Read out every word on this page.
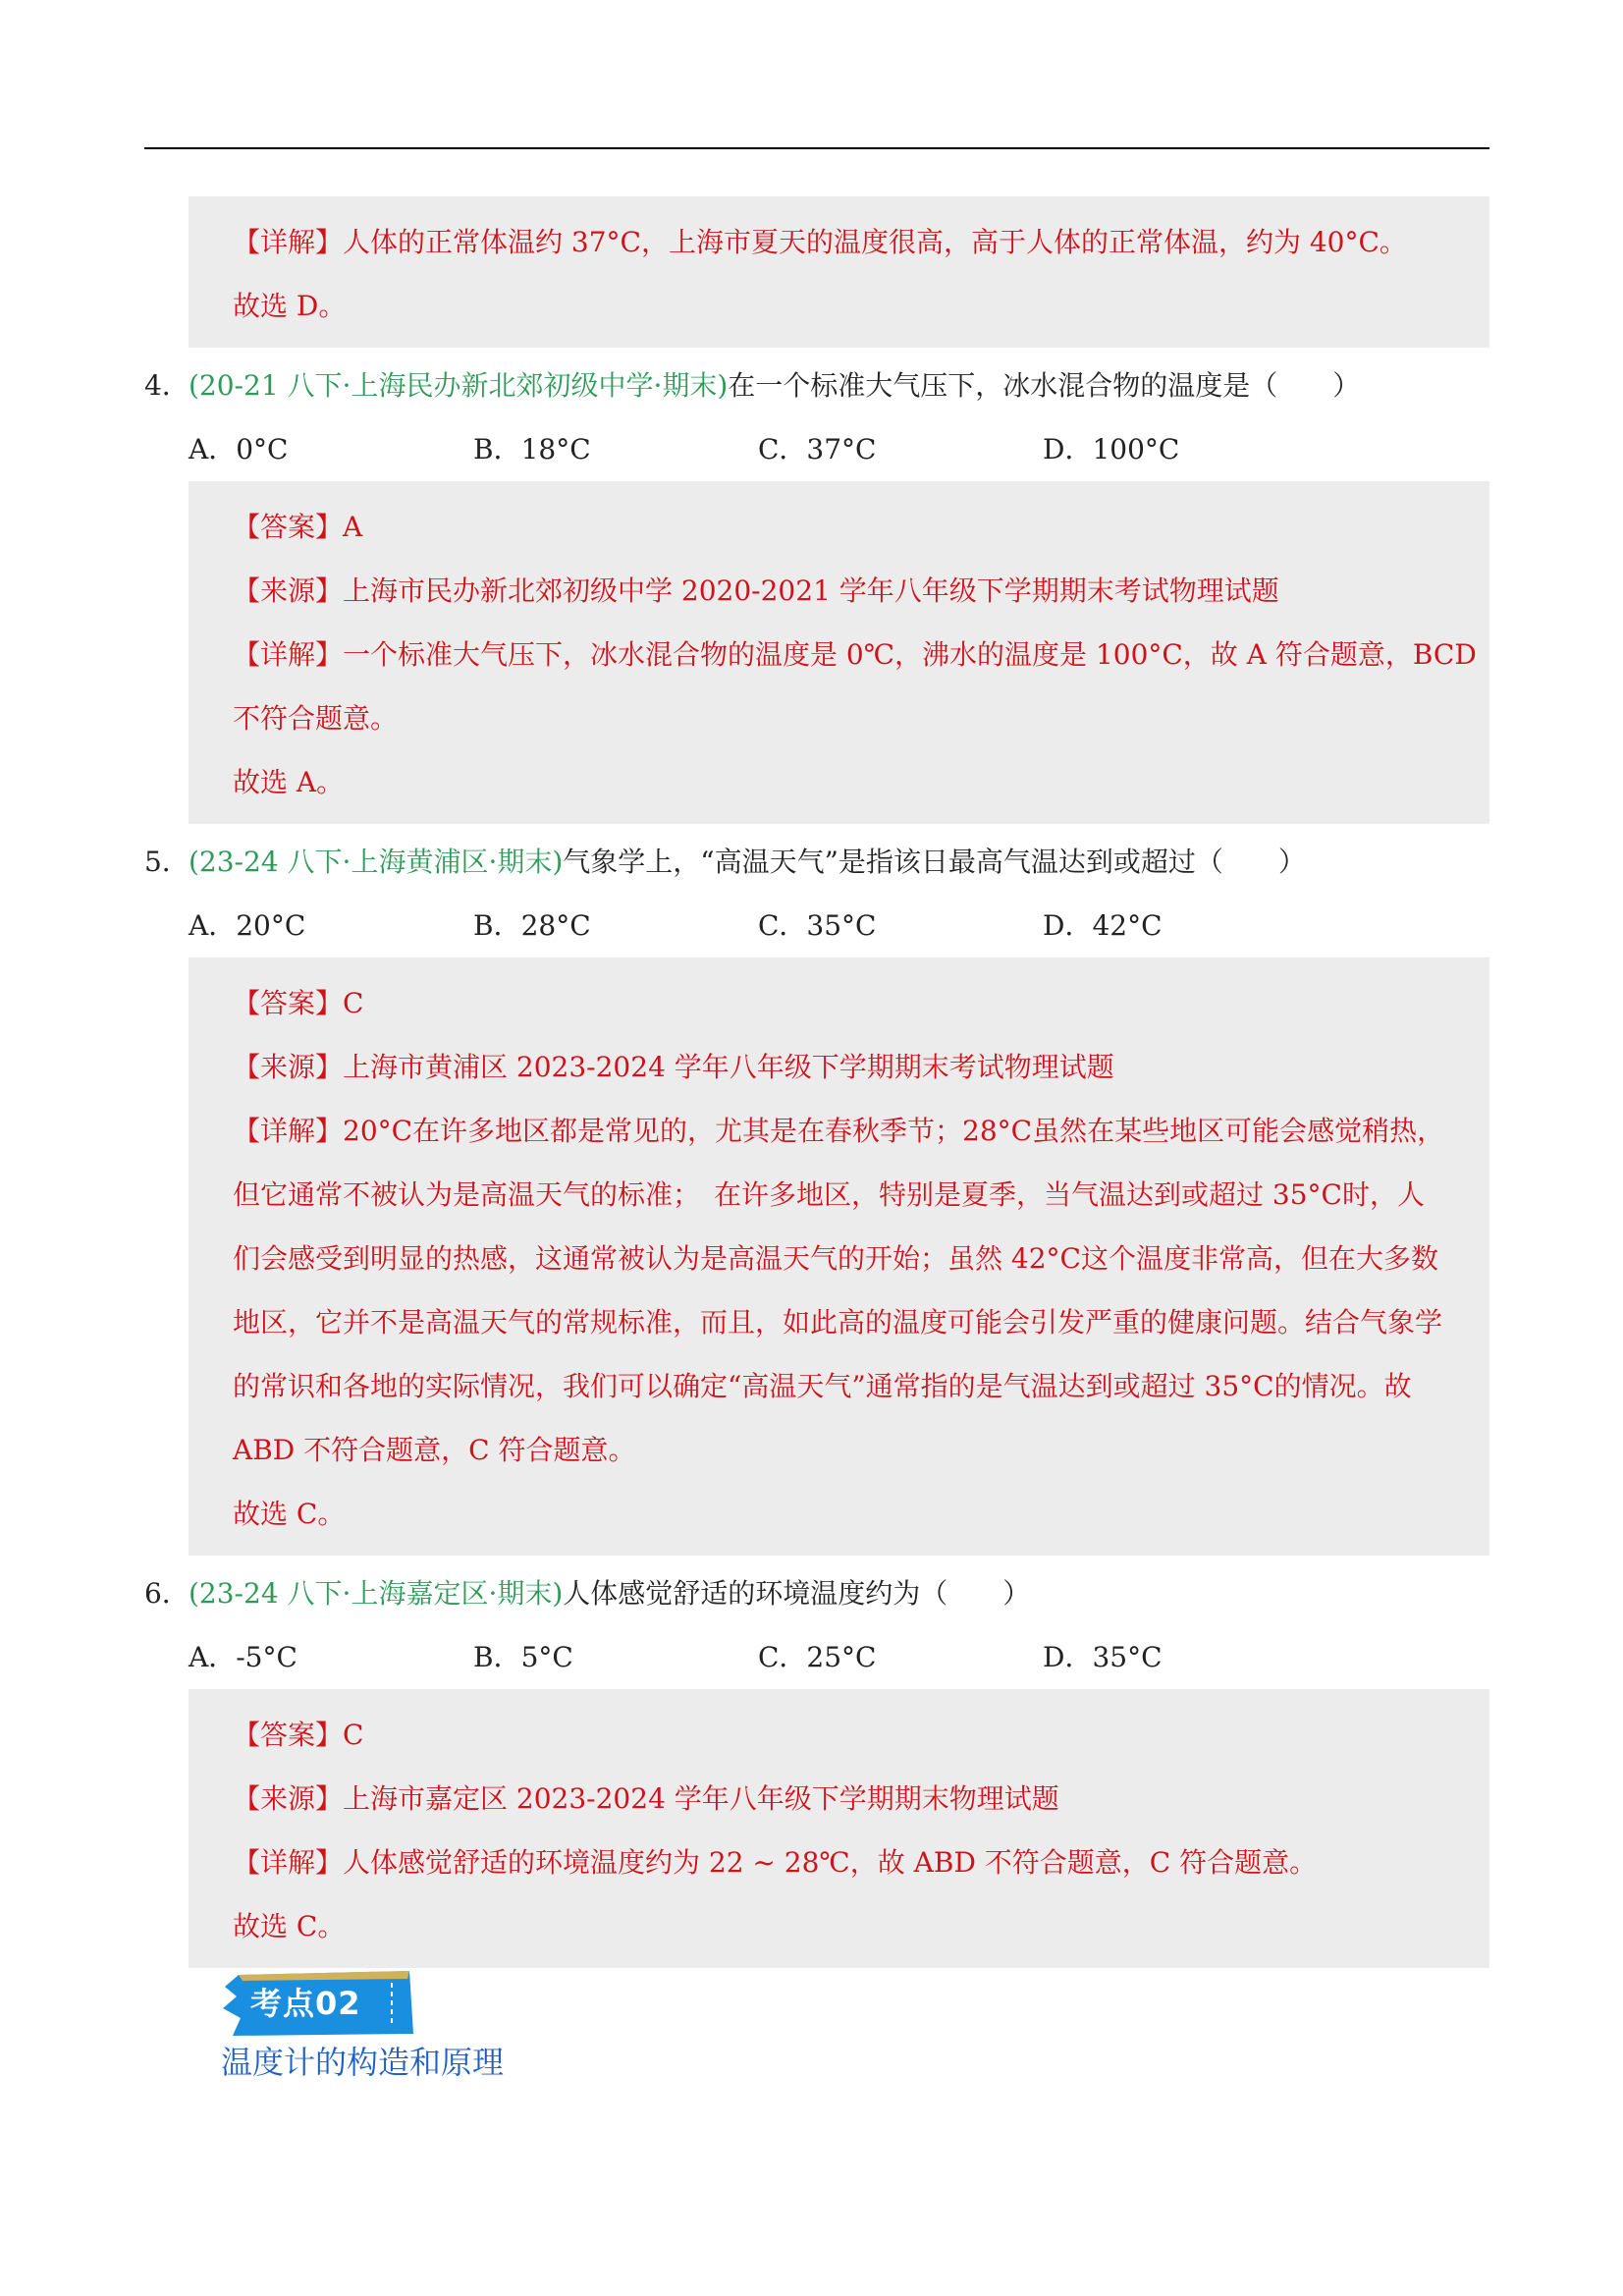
【详解】人体的正常体温约 37°C，上海市夏天的温度很高，高于人体的正常体温，约为 40°C。
故选 D。
4．(20-21 八下·上海民办新北郊初级中学·期末)在一个标准大气压下，冰水混合物的温度是（　　）
A．0°C	B．18°C	C．37°C	D．100°C
【答案】A
【来源】上海市民办新北郊初级中学 2020-2021 学年八年级下学期期末考试物理试题
【详解】一个标准大气压下，冰水混合物的温度是 0℃，沸水的温度是 100°C，故 A 符合题意，BCD
不符合题意。
故选 A。
5．(23-24 八下·上海黄浦区·期末)气象学上，“高温天气”是指该日最高气温达到或超过（　　）
A．20°C	B．28°C	C．35°C	D．42°C
【答案】C
【来源】上海市黄浦区 2023-2024 学年八年级下学期期末考试物理试题
【详解】20°C在许多地区都是常见的，尤其是在春秋季节；28°C虽然在某些地区可能会感觉稍热，但它通常不被认为是高温天气的标准；　在许多地区，特别是夏季，当气温达到或超过 35°C时，人们会感受到明显的热感，这通常被认为是高温天气的开始；虽然 42°C这个温度非常高，但在大多数地区，它并不是高温天气的常规标准，而且，如此高的温度可能会引发严重的健康问题。结合气象学的常识和各地的实际情况，我们可以确定“高温天气”通常指的是气温达到或超过 35°C的情况。故 ABD 不符合题意，C 符合题意。
故选 C。
6．(23-24 八下·上海嘉定区·期末)人体感觉舒适的环境温度约为（　　）
A．-5°C	B．5°C	C．25°C	D．35°C
【答案】C
【来源】上海市嘉定区 2023-2024 学年八年级下学期期末物理试题
【详解】人体感觉舒适的环境温度约为 22 ~ 28℃，故 ABD 不符合题意，C 符合题意。
故选 C。
考点02
温度计的构造和原理
